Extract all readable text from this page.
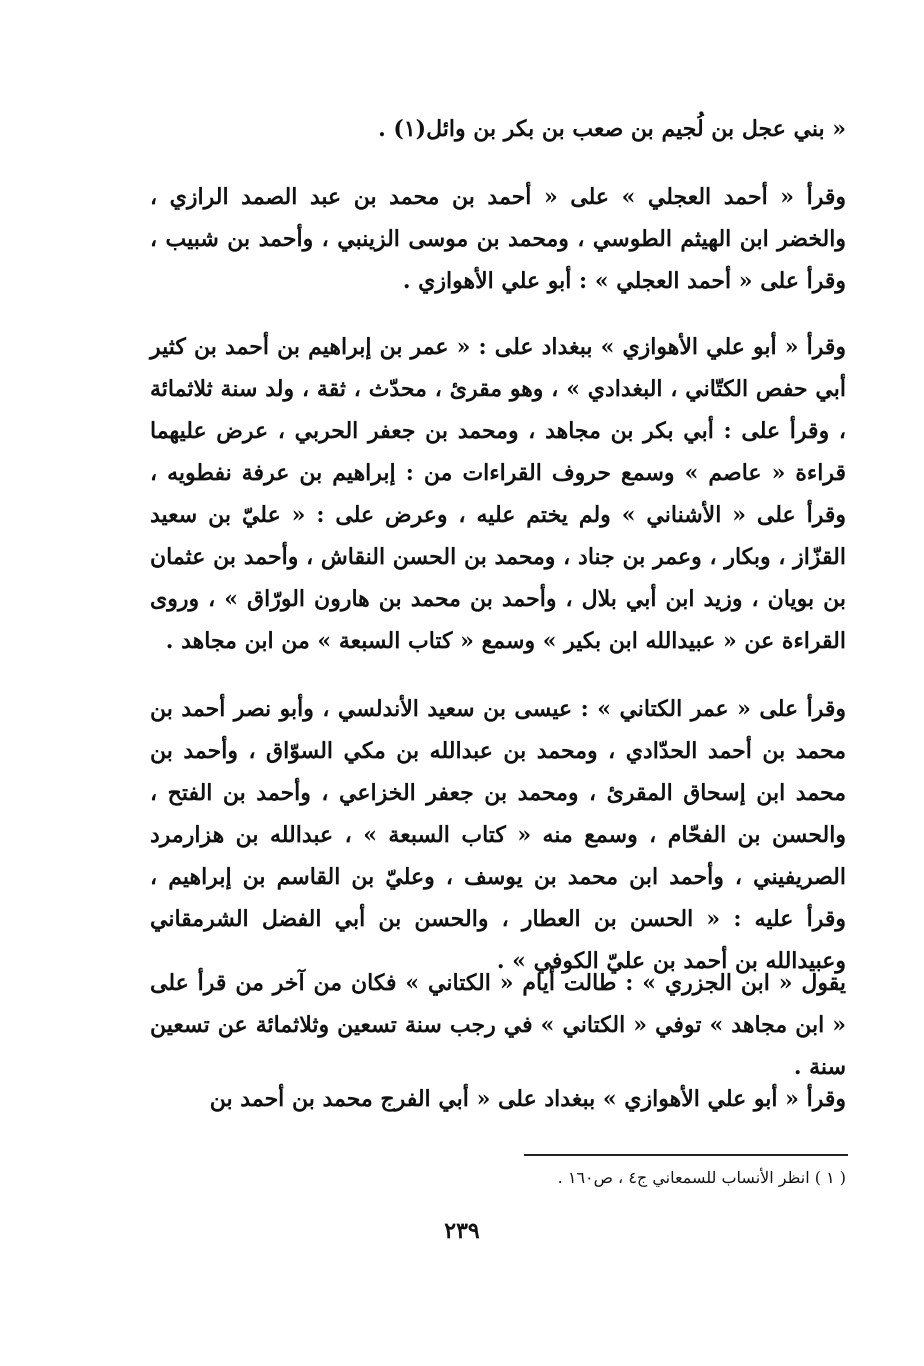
« بني عجل بن لُجيم بن صعب بن بكر بن وائل(١) .

وقرأ « أحمد العجلي » على « أحمد بن محمد بن عبد الصمد الرازي ، والخضر ابن الهيثم الطوسي ، ومحمد بن موسى الزينبي ، وأحمد بن شبيب ، وقرأ على « أحمد العجلي » : أبو علي الأهوازي .

وقرأ « أبو علي الأهوازي » ببغداد على : « عمر بن إبراهيم بن أحمد بن كثير أبي حفص الكتّاني ، البغدادي » ، وهو مقرئ ، محدّث ، ثقة ، ولد سنة ثلاثمائة ، وقرأ على : أبي بكر بن مجاهد ، ومحمد بن جعفر الحربي ، عرض عليهما قراءة « عاصم » وسمع حروف القراءات من : إبراهيم بن عرفة نفطويه ، وقرأ على « الأشناني » ولم يختم عليه ، وعرض على : « عليّ بن سعيد القزّاز ، وبكار ، وعمر بن جناد ، ومحمد بن الحسن النقاش ، وأحمد بن عثمان بن بويان ، وزيد ابن أبي بلال ، وأحمد بن محمد بن هارون الورّاق » ، وروى القراءة عن « عبيدالله ابن بكير » وسمع « كتاب السبعة » من ابن مجاهد .

وقرأ على « عمر الكتاني » : عيسى بن سعيد الأندلسي ، وأبو نصر أحمد بن محمد بن أحمد الحدّادي ، ومحمد بن عبدالله بن مكي السوّاق ، وأحمد بن محمد ابن إسحاق المقرئ ، ومحمد بن جعفر الخزاعي ، وأحمد بن الفتح ، والحسن بن الفحّام ، وسمع منه « كتاب السبعة » ، عبدالله بن هزارمرد الصريفيني ، وأحمد ابن محمد بن يوسف ، وعليّ بن القاسم بن إبراهيم ، وقرأ عليه : « الحسن بن العطار ، والحسن بن أبي الفضل الشرمقاني وعبيدالله بن أحمد بن عليّ الكوفي » .

يقول « ابن الجزري » : طالت أيام « الكتاني » فكان من آخر من قرأ على « ابن مجاهد » توفي « الكتاني » في رجب سنة تسعين وثلاثمائة عن تسعين سنة .

وقرأ « أبو علي الأهوازي » ببغداد على « أبي الفرج محمد بن أحمد بن

( ١ ) انظر الأنساب للسمعاني ج٤ ، ص١٦٠ .
٢٣٩
